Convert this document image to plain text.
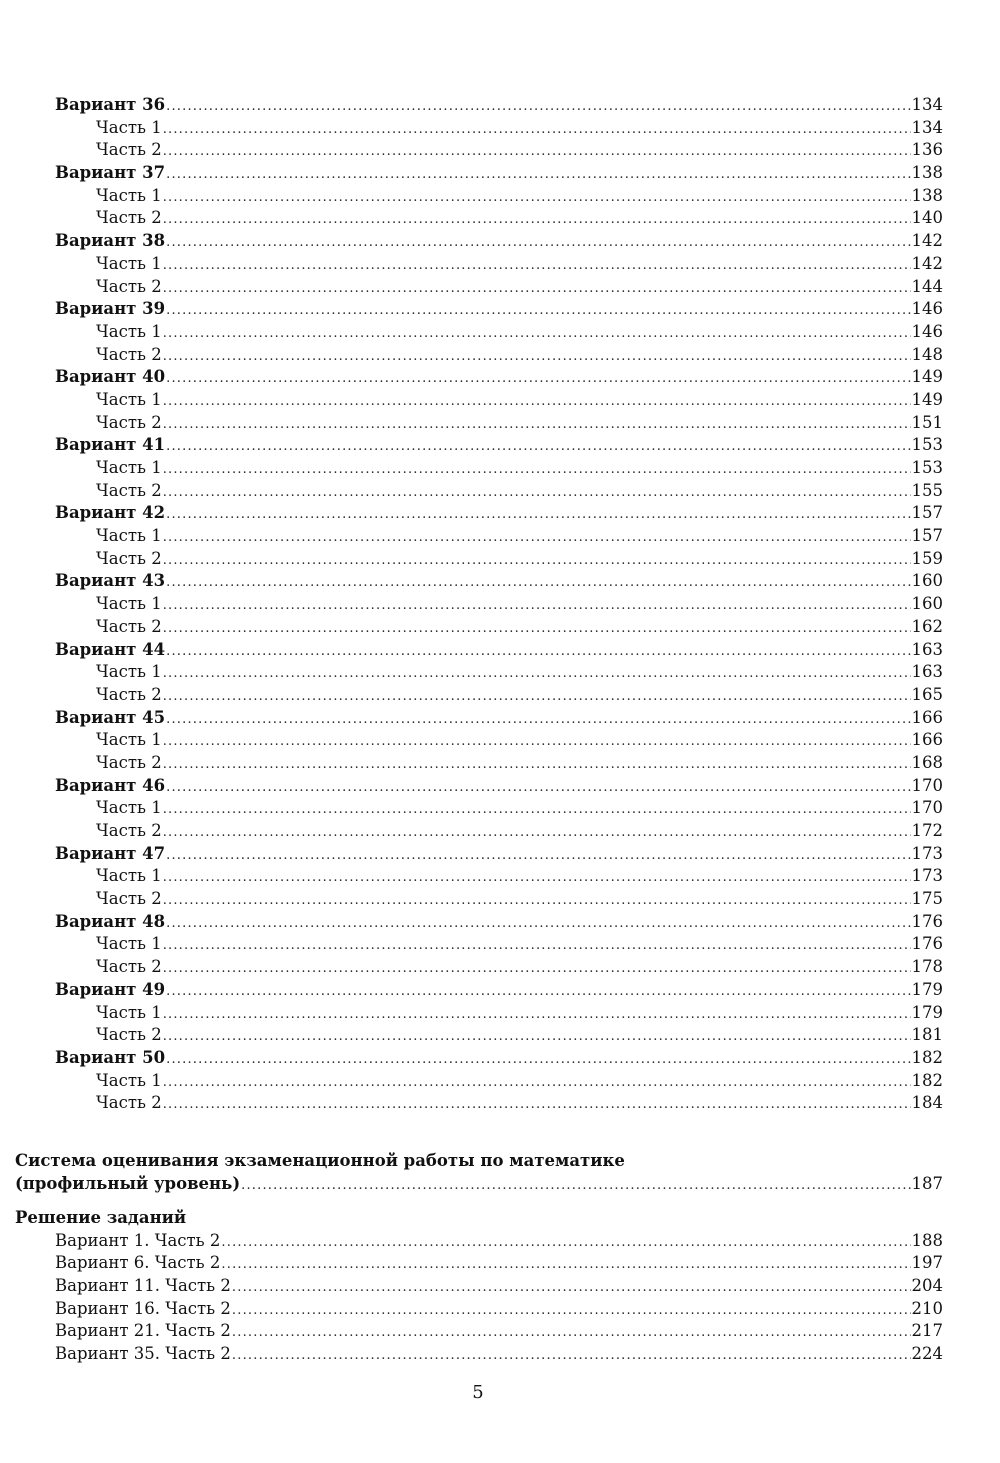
Вариант 36 .....	134
Часть 1 .....	134
Часть 2 .....	136
Вариант 37 .....	138
Часть 1 .....	138
Часть 2 .....	140
Вариант 38 .....	142
Часть 1 .....	142
Часть 2 .....	144
Вариант 39 .....	146
Часть 1 .....	146
Часть 2 .....	148
Вариант 40 .....	149
Часть 1 .....	149
Часть 2 .....	151
Вариант 41 .....	153
Часть 1 .....	153
Часть 2 .....	155
Вариант 42 .....	157
Часть 1 .....	157
Часть 2 .....	159
Вариант 43 .....	160
Часть 1 .....	160
Часть 2 .....	162
Вариант 44 .....	163
Часть 1 .....	163
Часть 2 .....	165
Вариант 45 .....	166
Часть 1 .....	166
Часть 2 .....	168
Вариант 46 .....	170
Часть 1 .....	170
Часть 2 .....	172
Вариант 47 .....	173
Часть 1 .....	173
Часть 2 .....	175
Вариант 48 .....	176
Часть 1 .....	176
Часть 2 .....	178
Вариант 49 .....	179
Часть 1 .....	179
Часть 2 .....	181
Вариант 50 .....	182
Часть 1 .....	182
Часть 2 .....	184
Система оценивания экзаменационной работы по математике
(профильный уровень) .....	187
Решение заданий
Вариант 1. Часть 2 .....	188
Вариант 6. Часть 2 .....	197
Вариант 11. Часть 2 .....	204
Вариант 16. Часть 2 .....	210
Вариант 21. Часть 2 .....	217
Вариант 35. Часть 2 .....	224
5
